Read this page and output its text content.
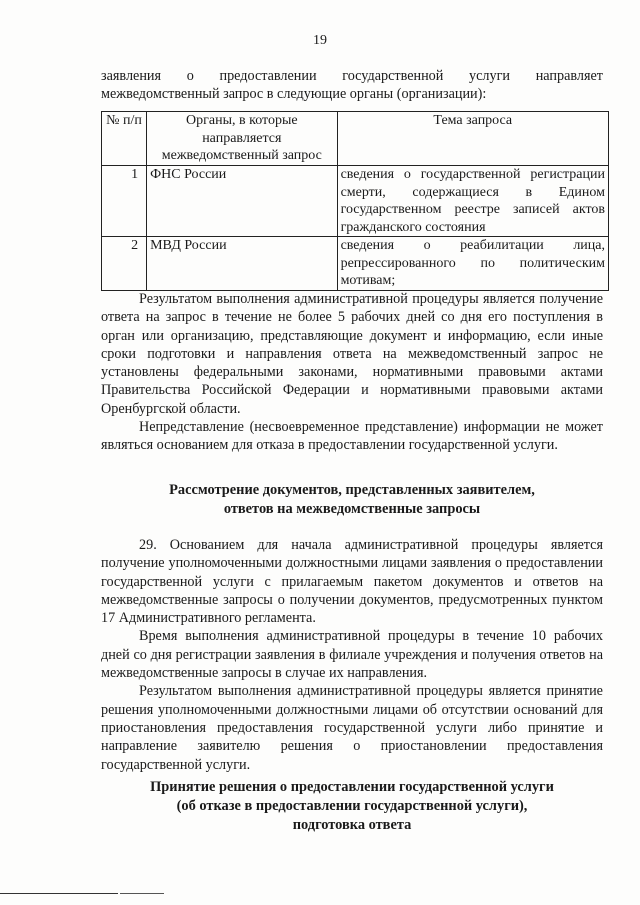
19

заявления о предоставлении государственной услуги направляет межведомственный запрос в следующие органы (организации):

№ п/п	Органы, в которые направляется межведомственный запрос	Тема запроса
1	ФНС России	сведения о государственной регистрации смерти, содержащиеся в Едином государственном реестре записей актов гражданского состояния
2	МВД России	сведения о реабилитации лица, репрессированного по политическим мотивам;

Результатом выполнения административной процедуры является получение ответа на запрос в течение не более 5 рабочих дней со дня его поступления в орган или организацию, представляющие документ и информацию, если иные сроки подготовки и направления ответа на межведомственный запрос не установлены федеральными законами, нормативными правовыми актами Правительства Российской Федерации и нормативными правовыми актами Оренбургской области.

Непредставление (несвоевременное представление) информации не может являться основанием для отказа в предоставлении государственной услуги.

Рассмотрение документов, представленных заявителем,
ответов на межведомственные запросы

29. Основанием для начала административной процедуры является получение уполномоченными должностными лицами заявления о предоставлении государственной услуги с прилагаемым пакетом документов и ответов на межведомственные запросы о получении документов, предусмотренных пунктом 17 Административного регламента.

Время выполнения административной процедуры в течение 10 рабочих дней со дня регистрации заявления в филиале учреждения и получения ответов на межведомственные запросы в случае их направления.

Результатом выполнения административной процедуры является принятие решения уполномоченными должностными лицами об отсутствии оснований для приостановления предоставления государственной услуги либо принятие и направление заявителю решения о приостановлении предоставления государственной услуги.

Принятие решения о предоставлении государственной услуги
(об отказе в предоставлении государственной услуги),
подготовка ответа
